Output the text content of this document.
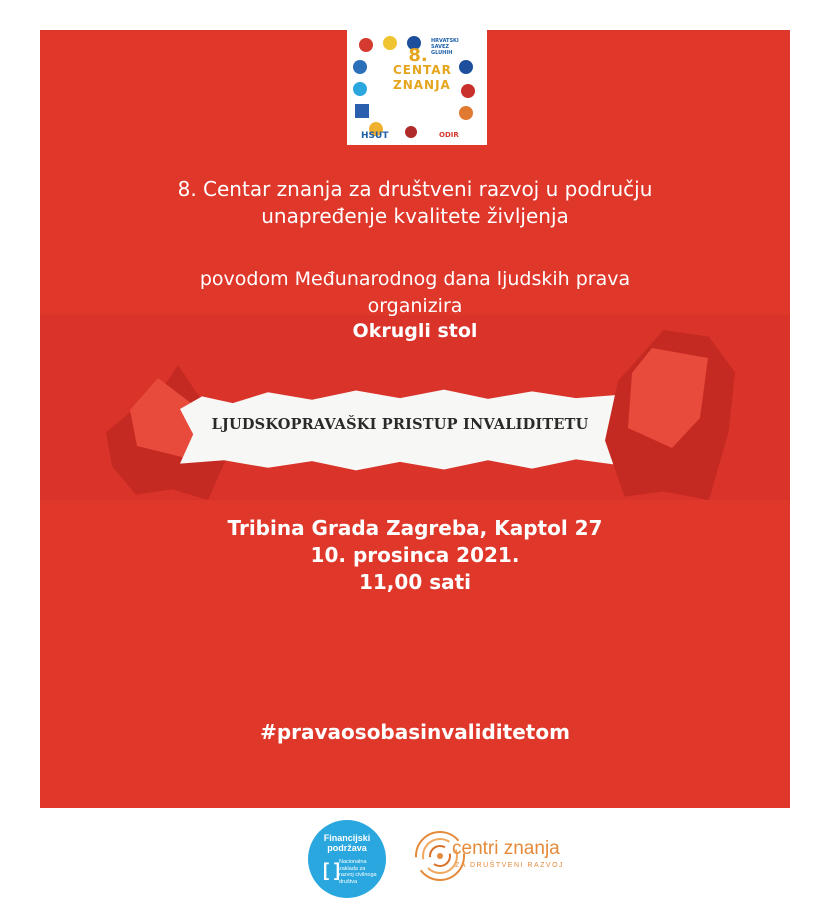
HRVATSKI SAVEZ GLUHIH
HSUT	ODIR
8.
CENTAR
ZNANJA
8. Centar znanja za društveni razvoj u području
unapređenje kvalitete življenja
povodom Međunarodnog dana ljudskih prava
organizira
Okrugli stol
LJUDSKOPRAVAŠKI PRISTUP INVALIDITETU
Tribina Grada Zagreba, Kaptol 27
10. prosinca 2021.
11,00 sati
#pravaosobasinvaliditetom
Financijski podržava
[ ] Nacionalna zaklada za razvoj civilnoga društva
centri znanja
ZA DRUŠTVENI RAZVOJ
